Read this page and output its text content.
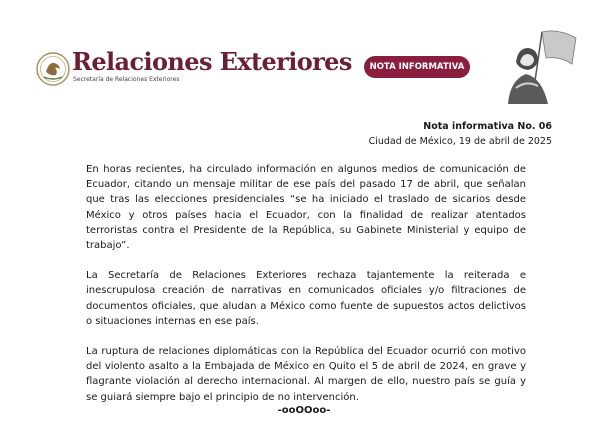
Relaciones Exteriores
Secretaría de Relaciones Exteriores
NOTA INFORMATIVA
Nota informativa No. 06
Ciudad de México, 19 de abril de 2025

En horas recientes, ha circulado información en algunos medios de comunicación de Ecuador, citando un mensaje militar de ese país del pasado 17 de abril, que señalan que tras las elecciones presidenciales “se ha iniciado el traslado de sicarios desde México y otros países hacia el Ecuador, con la finalidad de realizar atentados terroristas contra el Presidente de la República, su Gabinete Ministerial y equipo de trabajo”.

La Secretaría de Relaciones Exteriores rechaza tajantemente la reiterada e inescrupulosa creación de narrativas en comunicados oficiales y/o filtraciones de documentos oficiales, que aludan a México como fuente de supuestos actos delictivos o situaciones internas en ese país.

La ruptura de relaciones diplomáticas con la República del Ecuador ocurrió con motivo del violento asalto a la Embajada de México en Quito el 5 de abril de 2024, en grave y flagrante violación al derecho internacional. Al margen de ello, nuestro país se guía y se guiará siempre bajo el principio de no intervención.

-ooOOoo-
